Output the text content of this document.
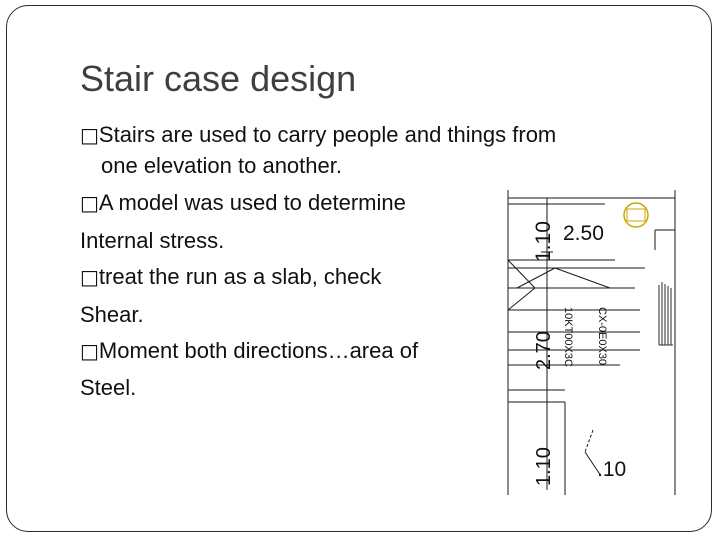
Stair case design
□Stairs are used to carry people and things from
one elevation to another.
□A model was used to determine
Internal stress.
□treat the run as a slab, check
Shear.
□Moment both directions…area of
Steel.
1.10 2.50
2.70
1.10 .10
10KT00X3C CX-0E0X30
